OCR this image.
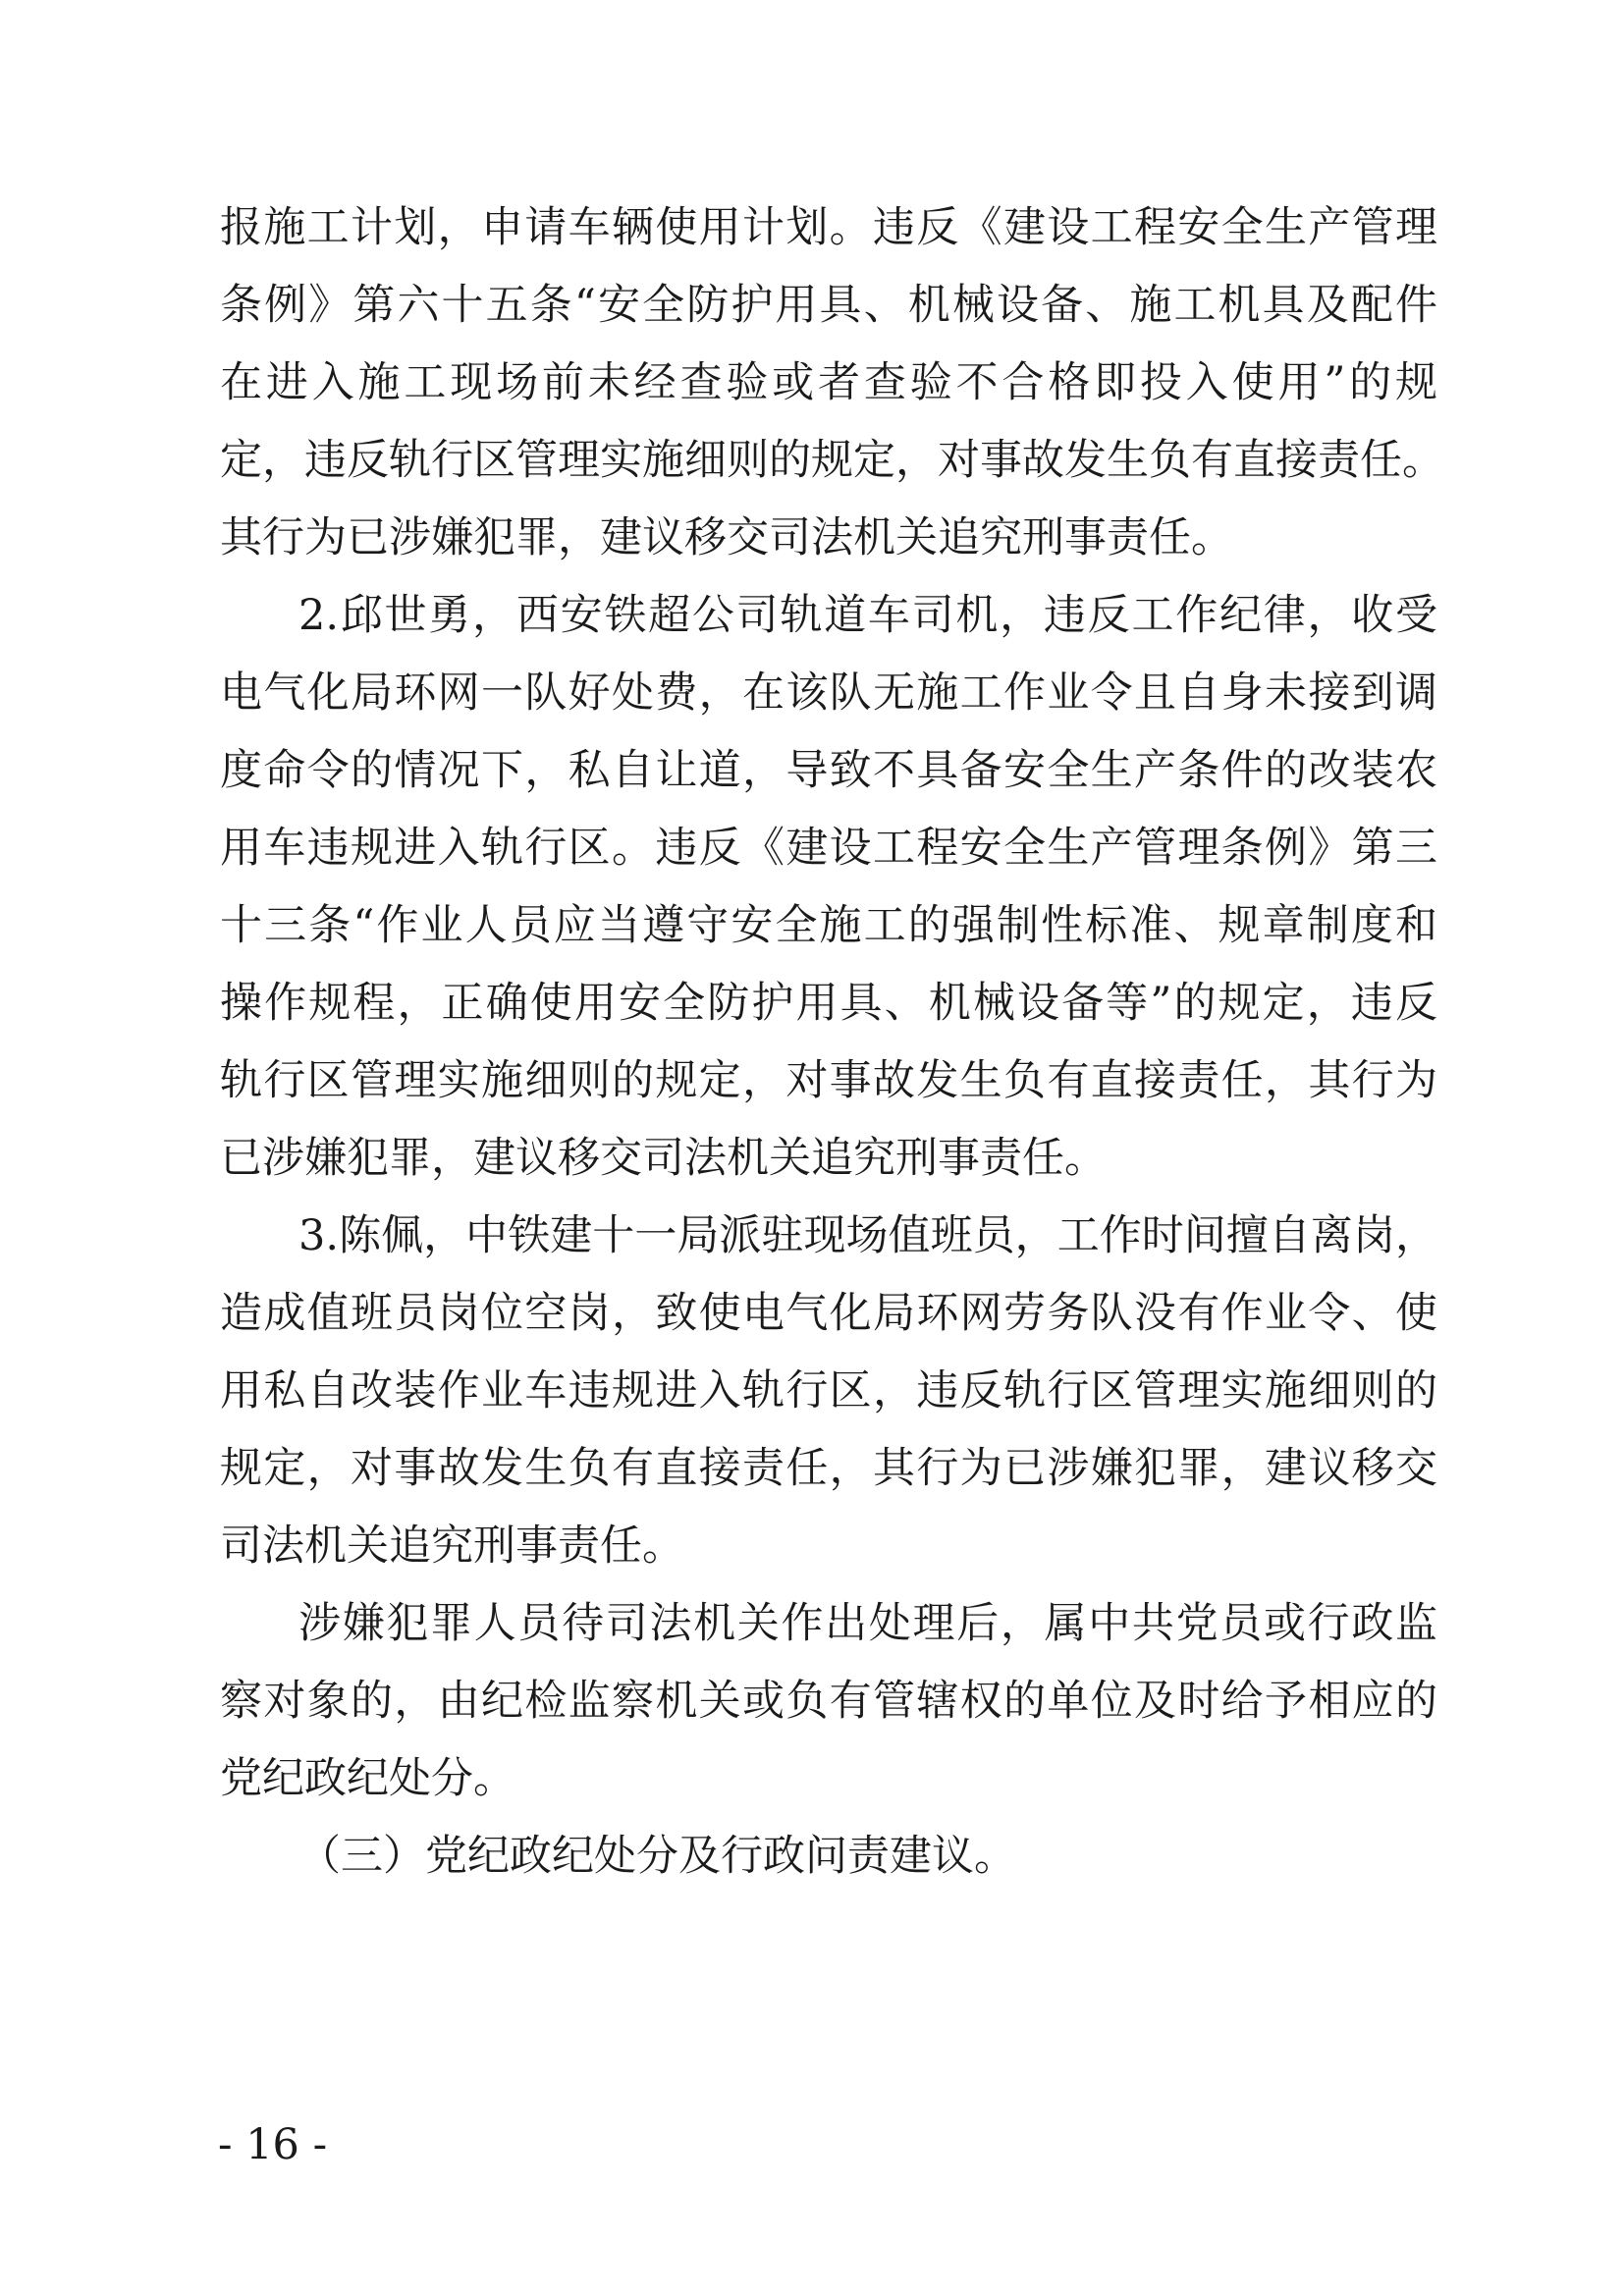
报施工计划，申请车辆使用计划。违反《建设工程安全生产管理
条例》第六十五条“安全防护用具、机械设备、施工机具及配件
在进入施工现场前未经查验或者查验不合格即投入使用”的规
定，违反轨行区管理实施细则的规定，对事故发生负有直接责任。
其行为已涉嫌犯罪，建议移交司法机关追究刑事责任。
2.邱世勇，西安铁超公司轨道车司机，违反工作纪律，收受
电气化局环网一队好处费，在该队无施工作业令且自身未接到调
度命令的情况下，私自让道，导致不具备安全生产条件的改装农
用车违规进入轨行区。违反《建设工程安全生产管理条例》第三
十三条“作业人员应当遵守安全施工的强制性标准、规章制度和
操作规程，正确使用安全防护用具、机械设备等”的规定，违反
轨行区管理实施细则的规定，对事故发生负有直接责任，其行为
已涉嫌犯罪，建议移交司法机关追究刑事责任。
3.陈佩，中铁建十一局派驻现场值班员，工作时间擅自离岗，
造成值班员岗位空岗，致使电气化局环网劳务队没有作业令、使
用私自改装作业车违规进入轨行区，违反轨行区管理实施细则的
规定，对事故发生负有直接责任，其行为已涉嫌犯罪，建议移交
司法机关追究刑事责任。
涉嫌犯罪人员待司法机关作出处理后，属中共党员或行政监
察对象的，由纪检监察机关或负有管辖权的单位及时给予相应的
党纪政纪处分。
（三）党纪政纪处分及行政问责建议。
- 16 -
